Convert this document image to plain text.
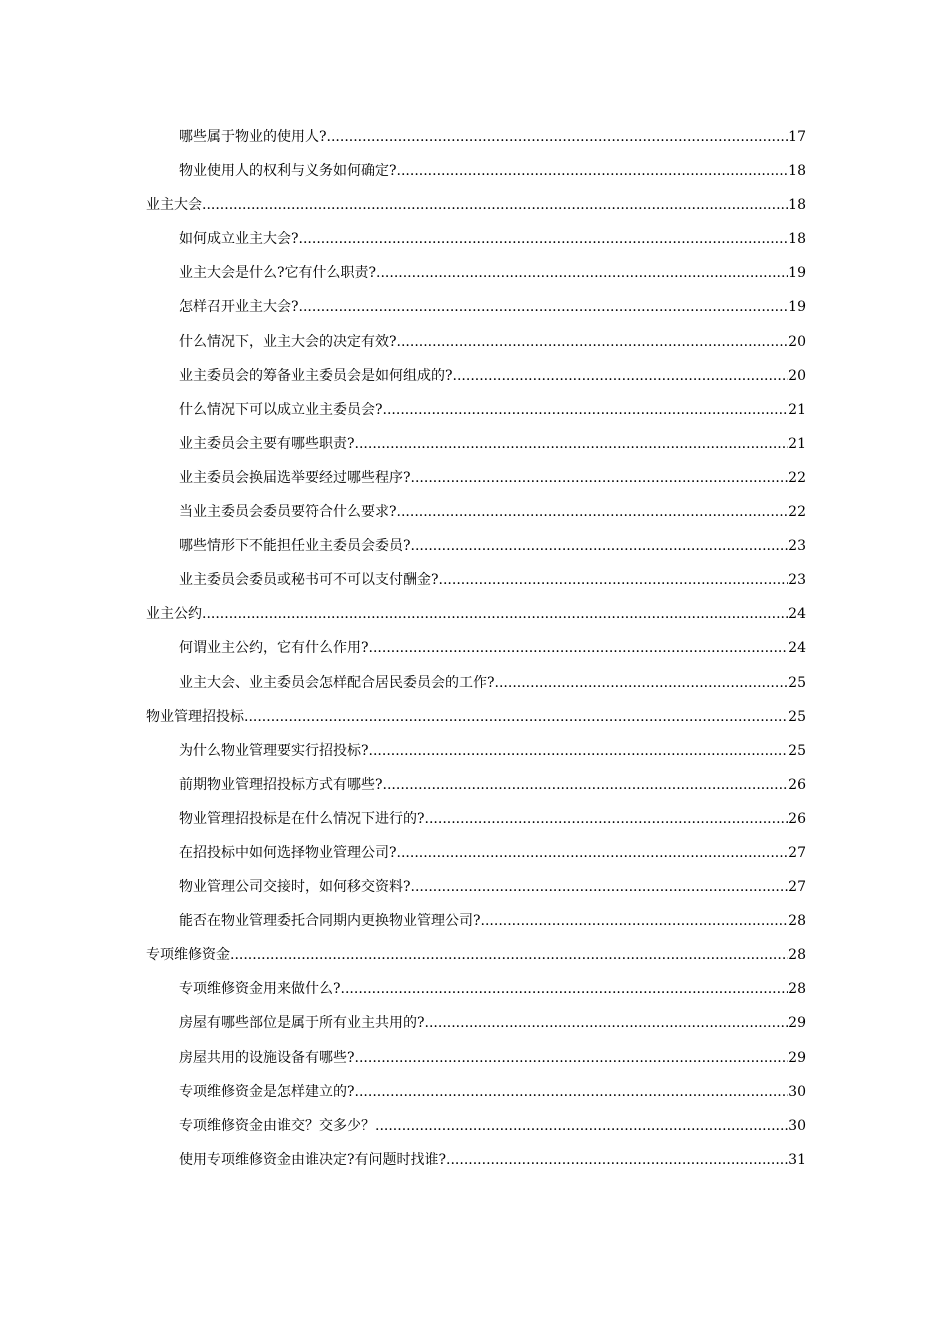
哪些属于物业的使用人? .....	17
物业使用人的权利与义务如何确定? .....	18
业主大会 .....	18
如何成立业主大会? .....	18
业主大会是什么?它有什么职责? .....	19
怎样召开业主大会? .....	19
什么情况下，业主大会的决定有效? .....	20
业主委员会的筹备业主委员会是如何组成的? .....	20
什么情况下可以成立业主委员会? .....	21
业主委员会主要有哪些职责? .....	21
业主委员会换届选举要经过哪些程序? .....	22
当业主委员会委员要符合什么要求? .....	22
哪些情形下不能担任业主委员会委员? .....	23
业主委员会委员或秘书可不可以支付酬金? .....	23
业主公约 .....	24
何谓业主公约，它有什么作用? .....	24
业主大会、业主委员会怎样配合居民委员会的工作? .....	25
物业管理招投标 .....	25
为什么物业管理要实行招投标? .....	25
前期物业管理招投标方式有哪些? .....	26
物业管理招投标是在什么情况下进行的? .....	26
在招投标中如何选择物业管理公司? .....	27
物业管理公司交接时，如何移交资料? .....	27
能否在物业管理委托合同期内更换物业管理公司? .....	28
专项维修资金 .....	28
专项维修资金用来做什么? .....	28
房屋有哪些部位是属于所有业主共用的? .....	29
房屋共用的设施设备有哪些? .....	29
专项维修资金是怎样建立的? .....	30
专项维修资金由谁交？交多少？ .....	30
使用专项维修资金由谁决定?有问题时找谁? .....	31
